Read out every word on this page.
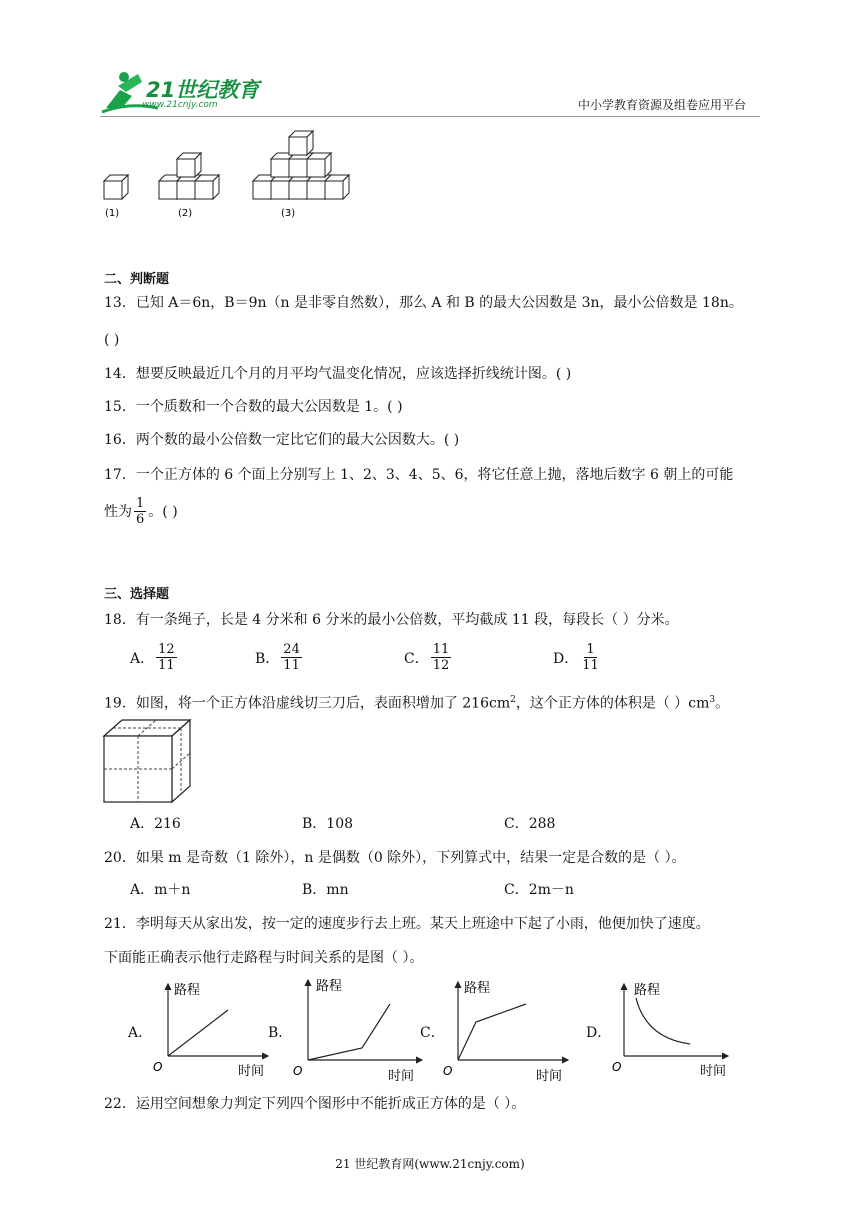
21世纪教育
www.21cnjy.com	中小学教育资源及组卷应用平台
(1)	(2)	(3)
二、判断题
13．已知 A＝6n，B＝9n（n 是非零自然数），那么 A 和 B 的最大公因数是 3n，最小公倍数是 18n。
( )
14．想要反映最近几个月的月平均气温变化情况，应该选择折线统计图。( )
15．一个质数和一个合数的最大公因数是 1。( )
16．两个数的最小公倍数一定比它们的最大公因数大。( )
17．一个正方体的 6 个面上分别写上 1、2、3、4、5、6，将它任意上抛，落地后数字 6 朝上的可能
性为 $\frac{1}{6}$ 。( )
三、选择题
18．有一条绳子，长是 4 分米和 6 分米的最小公倍数，平均截成 11 段，每段长（ ）分米。
A． $\frac{12}{11}$	B． $\frac{24}{11}$	C． $\frac{11}{12}$	D． $\frac{1}{11}$
19．如图，将一个正方体沿虚线切三刀后，表面积增加了 $216cm^2$，这个正方体的体积是（ ）$cm^3$。
A．216	B．108	C．288
20．如果 m 是奇数（1 除外），n 是偶数（0 除外），下列算式中，结果一定是合数的是（ ）。
A．m＋n	B．mn	C．2m－n
21．李明每天从家出发，按一定的速度步行去上班。某天上班途中下起了小雨，他便加快了速度。
下面能正确表示他行走路程与时间关系的是图（ ）。
A．
路程
时间
O
B．
路程
时间
O
C．
路程
时间
O
D．
路程
时间
O
22．运用空间想象力判定下列四个图形中不能折成正方体的是（ ）。
21 世纪教育网(www.21cnjy.com)
